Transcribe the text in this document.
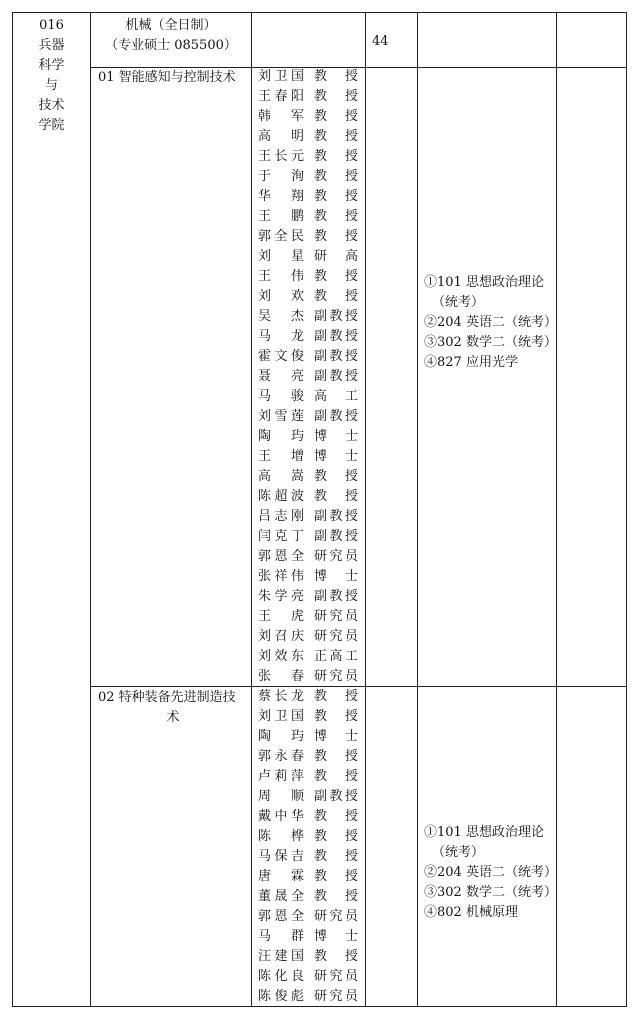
016
兵器
科学
与
技术
学院
机械（全日制）
（专业硕士 085500）	44
01 智能感知与控制技术	刘卫国 教 授
王春阳 教 授
韩 军 教 授
高 明 教 授
王长元 教 授
于 洵 教 授
华 翔 教 授
王 鹏 教 授
郭全民 教 授
刘 星 研 高
王 伟 教 授
刘 欢 教 授
吴 杰 副教授
马 龙 副教授
霍文俊 副教授
聂 亮 副教授
马 骏 高 工
刘雪莲 副教授
陶 玙 博 士
王 增 博 士
高 嵩 教 授
陈超波 教 授
吕志刚 副教授
闫克丁 副教授
郭恩全 研究员
张祥伟 博 士
朱学亮 副教授
王 虎 研究员
刘召庆 研究员
刘效东 正高工
张 春 研究员
①101 思想政治理论
（统考）
②204 英语二（统考）
③302 数学二（统考）
④827 应用光学
02 特种装备先进制造技
术
蔡长龙 教 授
刘卫国 教 授
陶 玙 博 士
郭永春 教 授
卢莉萍 教 授
周 顺 副教授
戴中华 教 授
陈 桦 教 授
马保吉 教 授
唐 霖 教 授
董晟全 教 授
郭恩全 研究员
马 群 博 士
汪建国 教 授
陈化良 研究员
陈俊彪 研究员
①101 思想政治理论
（统考）
②204 英语二（统考）
③302 数学二（统考）
④802 机械原理
